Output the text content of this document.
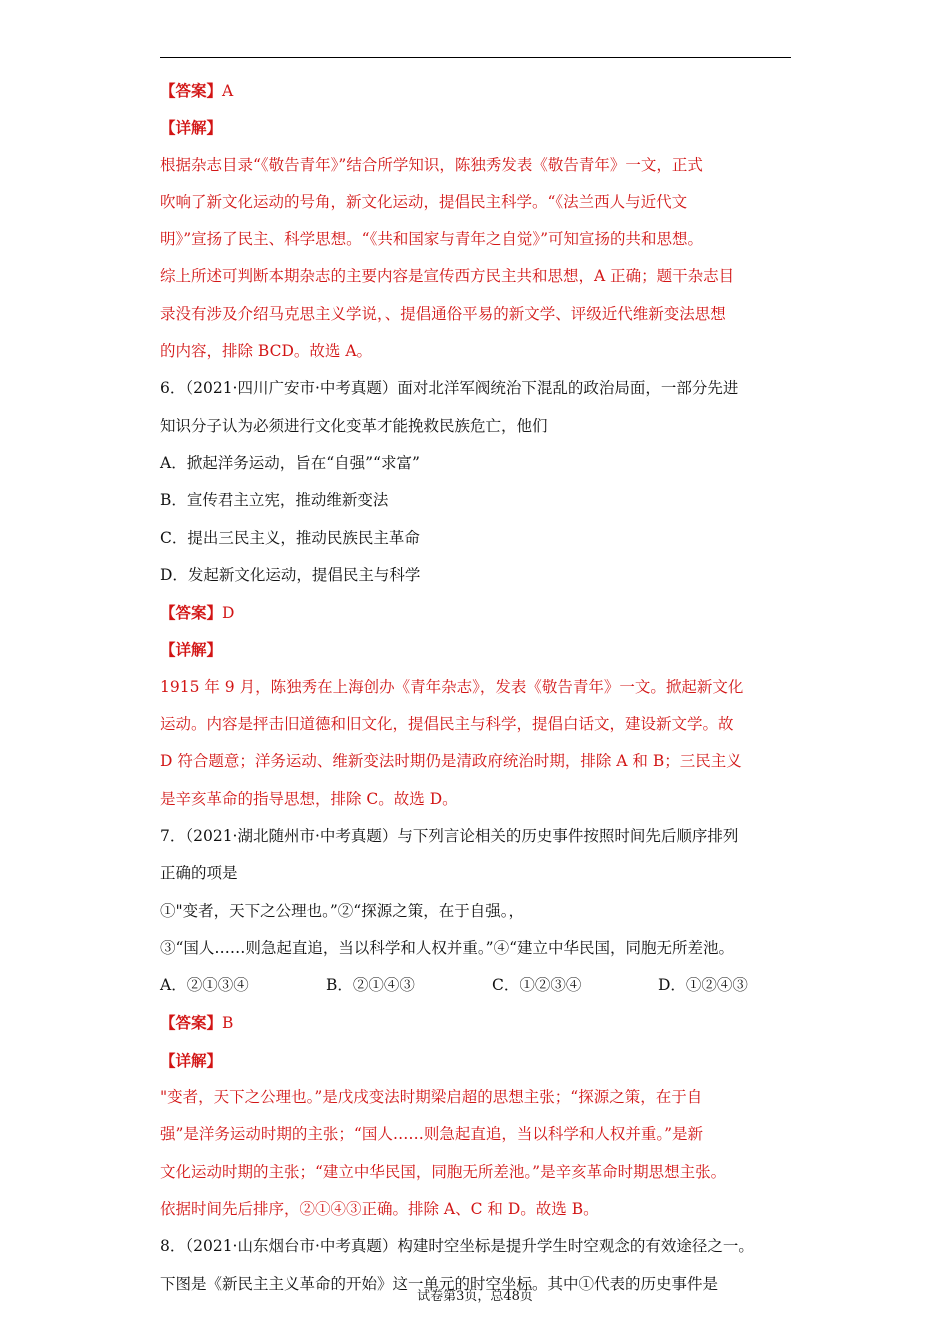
【答案】A
【详解】
根据杂志目录“《敬告青年》”结合所学知识，陈独秀发表《敬告青年》一文，正式
吹响了新文化运动的号角，新文化运动，提倡民主科学。“《法兰西人与近代文
明》”宣扬了民主、科学思想。“《共和国家与青年之自觉》”可知宣扬的共和思想。
综上所述可判断本期杂志的主要内容是宣传西方民主共和思想，A 正确；题干杂志目
录没有涉及介绍马克思主义学说，、提倡通俗平易的新文学、评级近代维新变法思想
的内容，排除 BCD。故选 A。
6．（2021·四川广安市·中考真题）面对北洋军阀统治下混乱的政治局面，一部分先进
知识分子认为必须进行文化变革才能挽救民族危亡，他们
A．掀起洋务运动，旨在“自强”“求富”
B．宣传君主立宪，推动维新变法
C．提出三民主义，推动民族民主革命
D．发起新文化运动，提倡民主与科学
【答案】D
【详解】
1915 年 9 月，陈独秀在上海创办《青年杂志》，发表《敬告青年》一文。掀起新文化
运动。内容是抨击旧道德和旧文化，提倡民主与科学，提倡白话文，建设新文学。故
D 符合题意；洋务运动、维新变法时期仍是清政府统治时期，排除 A 和 B；三民主义
是辛亥革命的指导思想，排除 C。故选 D。
7．（2021·湖北随州市·中考真题）与下列言论相关的历史事件按照时间先后顺序排列
正确的项是
①"变者，天下之公理也。”②“探源之策，在于自强。，
③“国人……则急起直追，当以科学和人权并重。”④“建立中华民国，同胞无所差池。
A．②①③④	B．②①④③	C．①②③④	D．①②④③
【答案】B
【详解】
"变者，天下之公理也。”是戊戌变法时期梁启超的思想主张；“探源之策，在于自
强”是洋务运动时期的主张；“国人……则急起直追，当以科学和人权并重。”是新
文化运动时期的主张；“建立中华民国，同胞无所差池。”是辛亥革命时期思想主张。
依据时间先后排序，②①④③正确。排除 A、C 和 D。故选 B。
8．（2021·山东烟台市·中考真题）构建时空坐标是提升学生时空观念的有效途径之一。
下图是《新民主主义革命的开始》这一单元的时空坐标。其中①代表的历史事件是
试卷第3页，总48页
